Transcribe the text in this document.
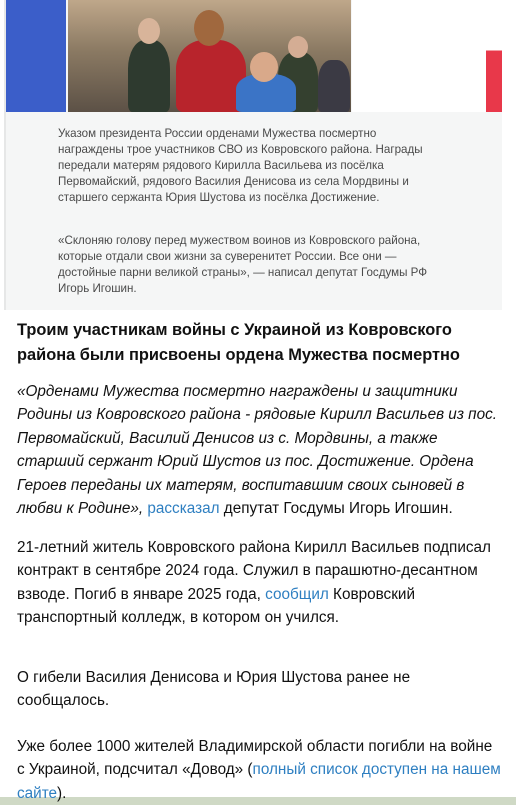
Указом президента России орденами Мужества посмертно награждены трое участников СВО из Ковровского района. Награды передали матерям рядового Кирилла Васильева из посёлка Первомайский, рядового Василия Денисова из села Мордвины и старшего сержанта Юрия Шустова из посёлка Достижение.

«Склоняю голову перед мужеством воинов из Ковровского района, которые отдали свои жизни за суверенитет России. Все они — достойные парни великой страны», — написал депутат Госдумы РФ Игорь Игошин.

Троим участникам войны с Украиной из Ковровского района были присвоены ордена Мужества посмертно

«Орденами Мужества посмертно награждены и защитники Родины из Ковровского района - рядовые Кирилл Васильев из пос. Первомайский, Василий Денисов из с. Мордвины, а также старший сержант Юрий Шустов из пос. Достижение. Ордена Героев переданы их матерям, воспитавшим своих сыновей в любви к Родине», рассказал депутат Госдумы Игорь Игошин.

21-летний житель Ковровского района Кирилл Васильев подписал контракт в сентябре 2024 года. Служил в парашютно-десантном взводе. Погиб в январе 2025 года, сообщил Ковровский транспортный колледж, в котором он учился.

О гибели Василия Денисова и Юрия Шустова ранее не сообщалось.

Уже более 1000 жителей Владимирской области погибли на войне с Украиной, подсчитал «Довод» (полный список доступен на нашем сайте).
